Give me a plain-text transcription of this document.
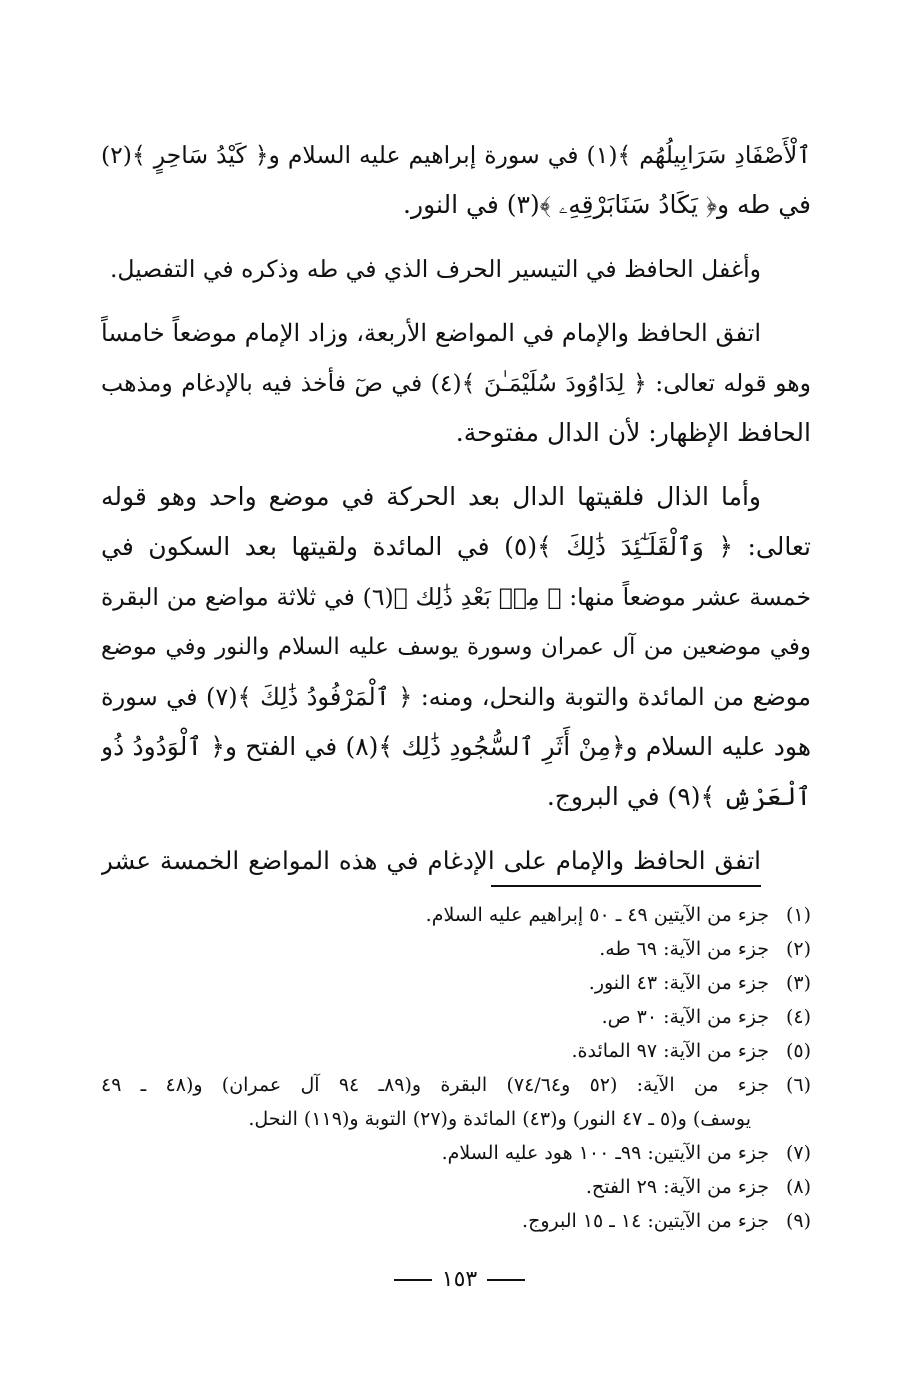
ٱلْأَصْفَادِ سَرَابِيلُهُم ﴾(١) في سورة إبراهيم عليه السلام و﴿ كَيْدُ سَاحِرٍ ﴾(٢)
في طه و﴿ يَكَادُ سَنَابَرْقِهِۦ ﴾(٣) في النور.
وأغفل الحافظ في التيسير الحرف الذي في طه وذكره في التفصيل.
اتفق الحافظ والإمام في المواضع الأربعة، وزاد الإمام موضعاً خامساً
وهو قوله تعالى: ﴿ لِدَاوُودَ سُلَيْمَـٰنَ ﴾(٤) في صٓ فأخذ فيه بالإدغام ومذهب
الحافظ الإظهار: لأن الدال مفتوحة.
وأما الذال فلقيتها الدال بعد الحركة في موضع واحد وهو قوله
تعالى: ﴿ وَٱلْقَلَـٰٓئِدَ ذَٰلِكَ ﴾(٥) في المائدة ولقيتها بعد السكون في
خمسة عشر موضعاً منها: ﴿ مِنۢ بَعْدِ ذَٰلِك ﴾(٦) في ثلاثة مواضع من البقرة
وفي موضعين من آل عمران وسورة يوسف عليه السلام والنور وفي موضع
موضع من المائدة والتوبة والنحل، ومنه: ﴿ ٱلْمَرْفُودُ ذَٰلِكَ ﴾(٧) في سورة
هود عليه السلام و﴿مِنْ أَثَرِ ٱلسُّجُودِ ذَٰلِك ﴾(٨) في الفتح و﴿ ٱلْوَدُودُ ذُو
ٱلْعَرْشِ ﴾(٩) في البروج.
اتفق الحافظ والإمام على الإدغام في هذه المواضع الخمسة عشر
(١)
جزء من الآيتين ٤٩ ـ ٥٠ إبراهيم عليه السلام.
(٢)
جزء من الآية: ٦٩ طه.
(٣)
جزء من الآية: ٤٣ النور.
(٤)
جزء من الآية: ٣٠ ص.
(٥)
جزء من الآية: ٩٧ المائدة.
(٦)
جزء من الآية: (٥٢ و٧٤/٦٤) البقرة و(٨٩ـ ٩٤ آل عمران) و(٤٨ ـ ٤٩
يوسف) و(٥ ـ ٤٧ النور) و(٤٣) المائدة و(٢٧) التوبة و(١١٩) النحل.
(٧)
جزء من الآيتين: ٩٩ـ ١٠٠ هود عليه السلام.
(٨)
جزء من الآية: ٢٩ الفتح.
(٩)
جزء من الآيتين: ١٤ ـ ١٥ البروج.
١٥٣
